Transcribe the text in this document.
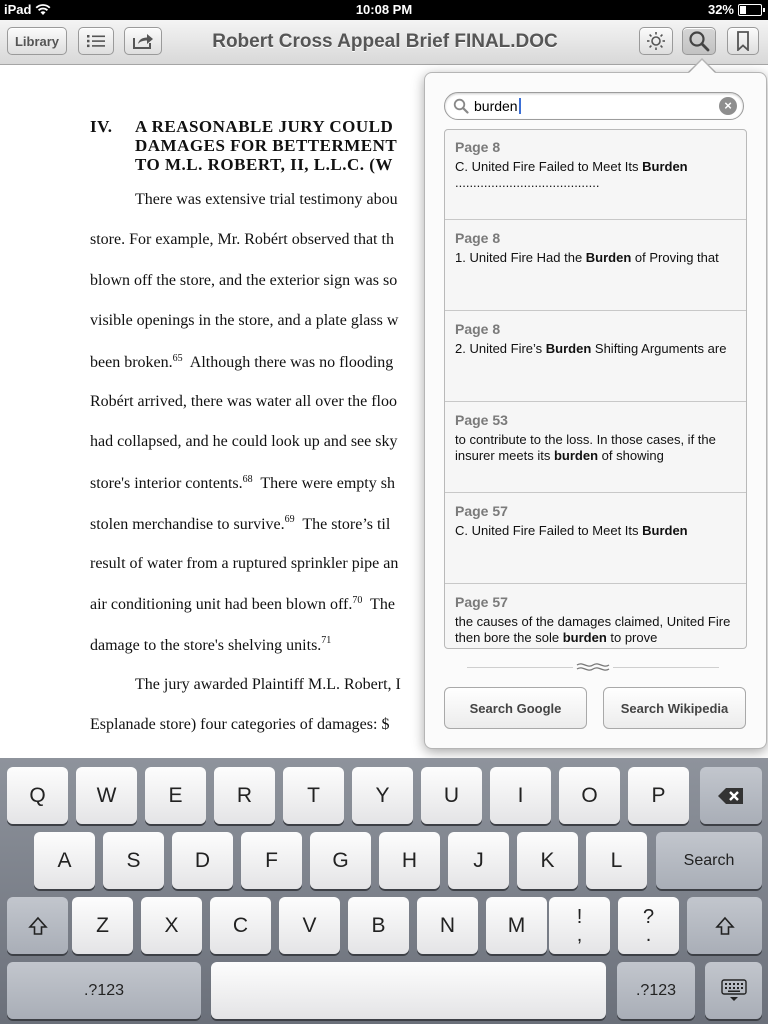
iPad	10:08 PM	32%
Library	Robert Cross Appeal Brief FINAL.DOC
IV. A REASONABLE JURY COULD
DAMAGES FOR BETTERMENT
TO M.L. ROBERT, II, L.L.C. (W
There was extensive trial testimony abou
store. For example, Mr. Robért observed that th
blown off the store, and the exterior sign was so
visible openings in the store, and a plate glass w
been broken.$^{65}$  Although there was no flooding
Robért arrived, there was water all over the floo
had collapsed, and he could look up and see sky
store's interior contents.$^{68}$  There were empty sh
stolen merchandise to survive.$^{69}$  The store’s til
result of water from a ruptured sprinkler pipe an
air conditioning unit had been blown off.$^{70}$  The
damage to the store's shelving units.$^{71}$
The jury awarded Plaintiff M.L. Robert, I
Esplanade store) four categories of damages: $
burden	×
Page 8
C. United Fire Failed to Meet Its Burden ........................................
Page 8
1. United Fire Had the Burden of Proving that
Page 8
2. United Fire’s Burden Shifting Arguments are
Page 53
to contribute to the loss. In those cases, if the insurer meets its burden of showing
Page 57
C. United Fire Failed to Meet Its Burden
Page 57
the causes of the damages claimed, United Fire then bore the sole burden to prove
Search Google	Search Wikipedia
Q	W	E	R	T	Y	U	I	O	P
A	S	D	F	G	H	J	K	L	Search
Z	X	C	V	B	N	M	!
,
?
.
.?123	.?123
